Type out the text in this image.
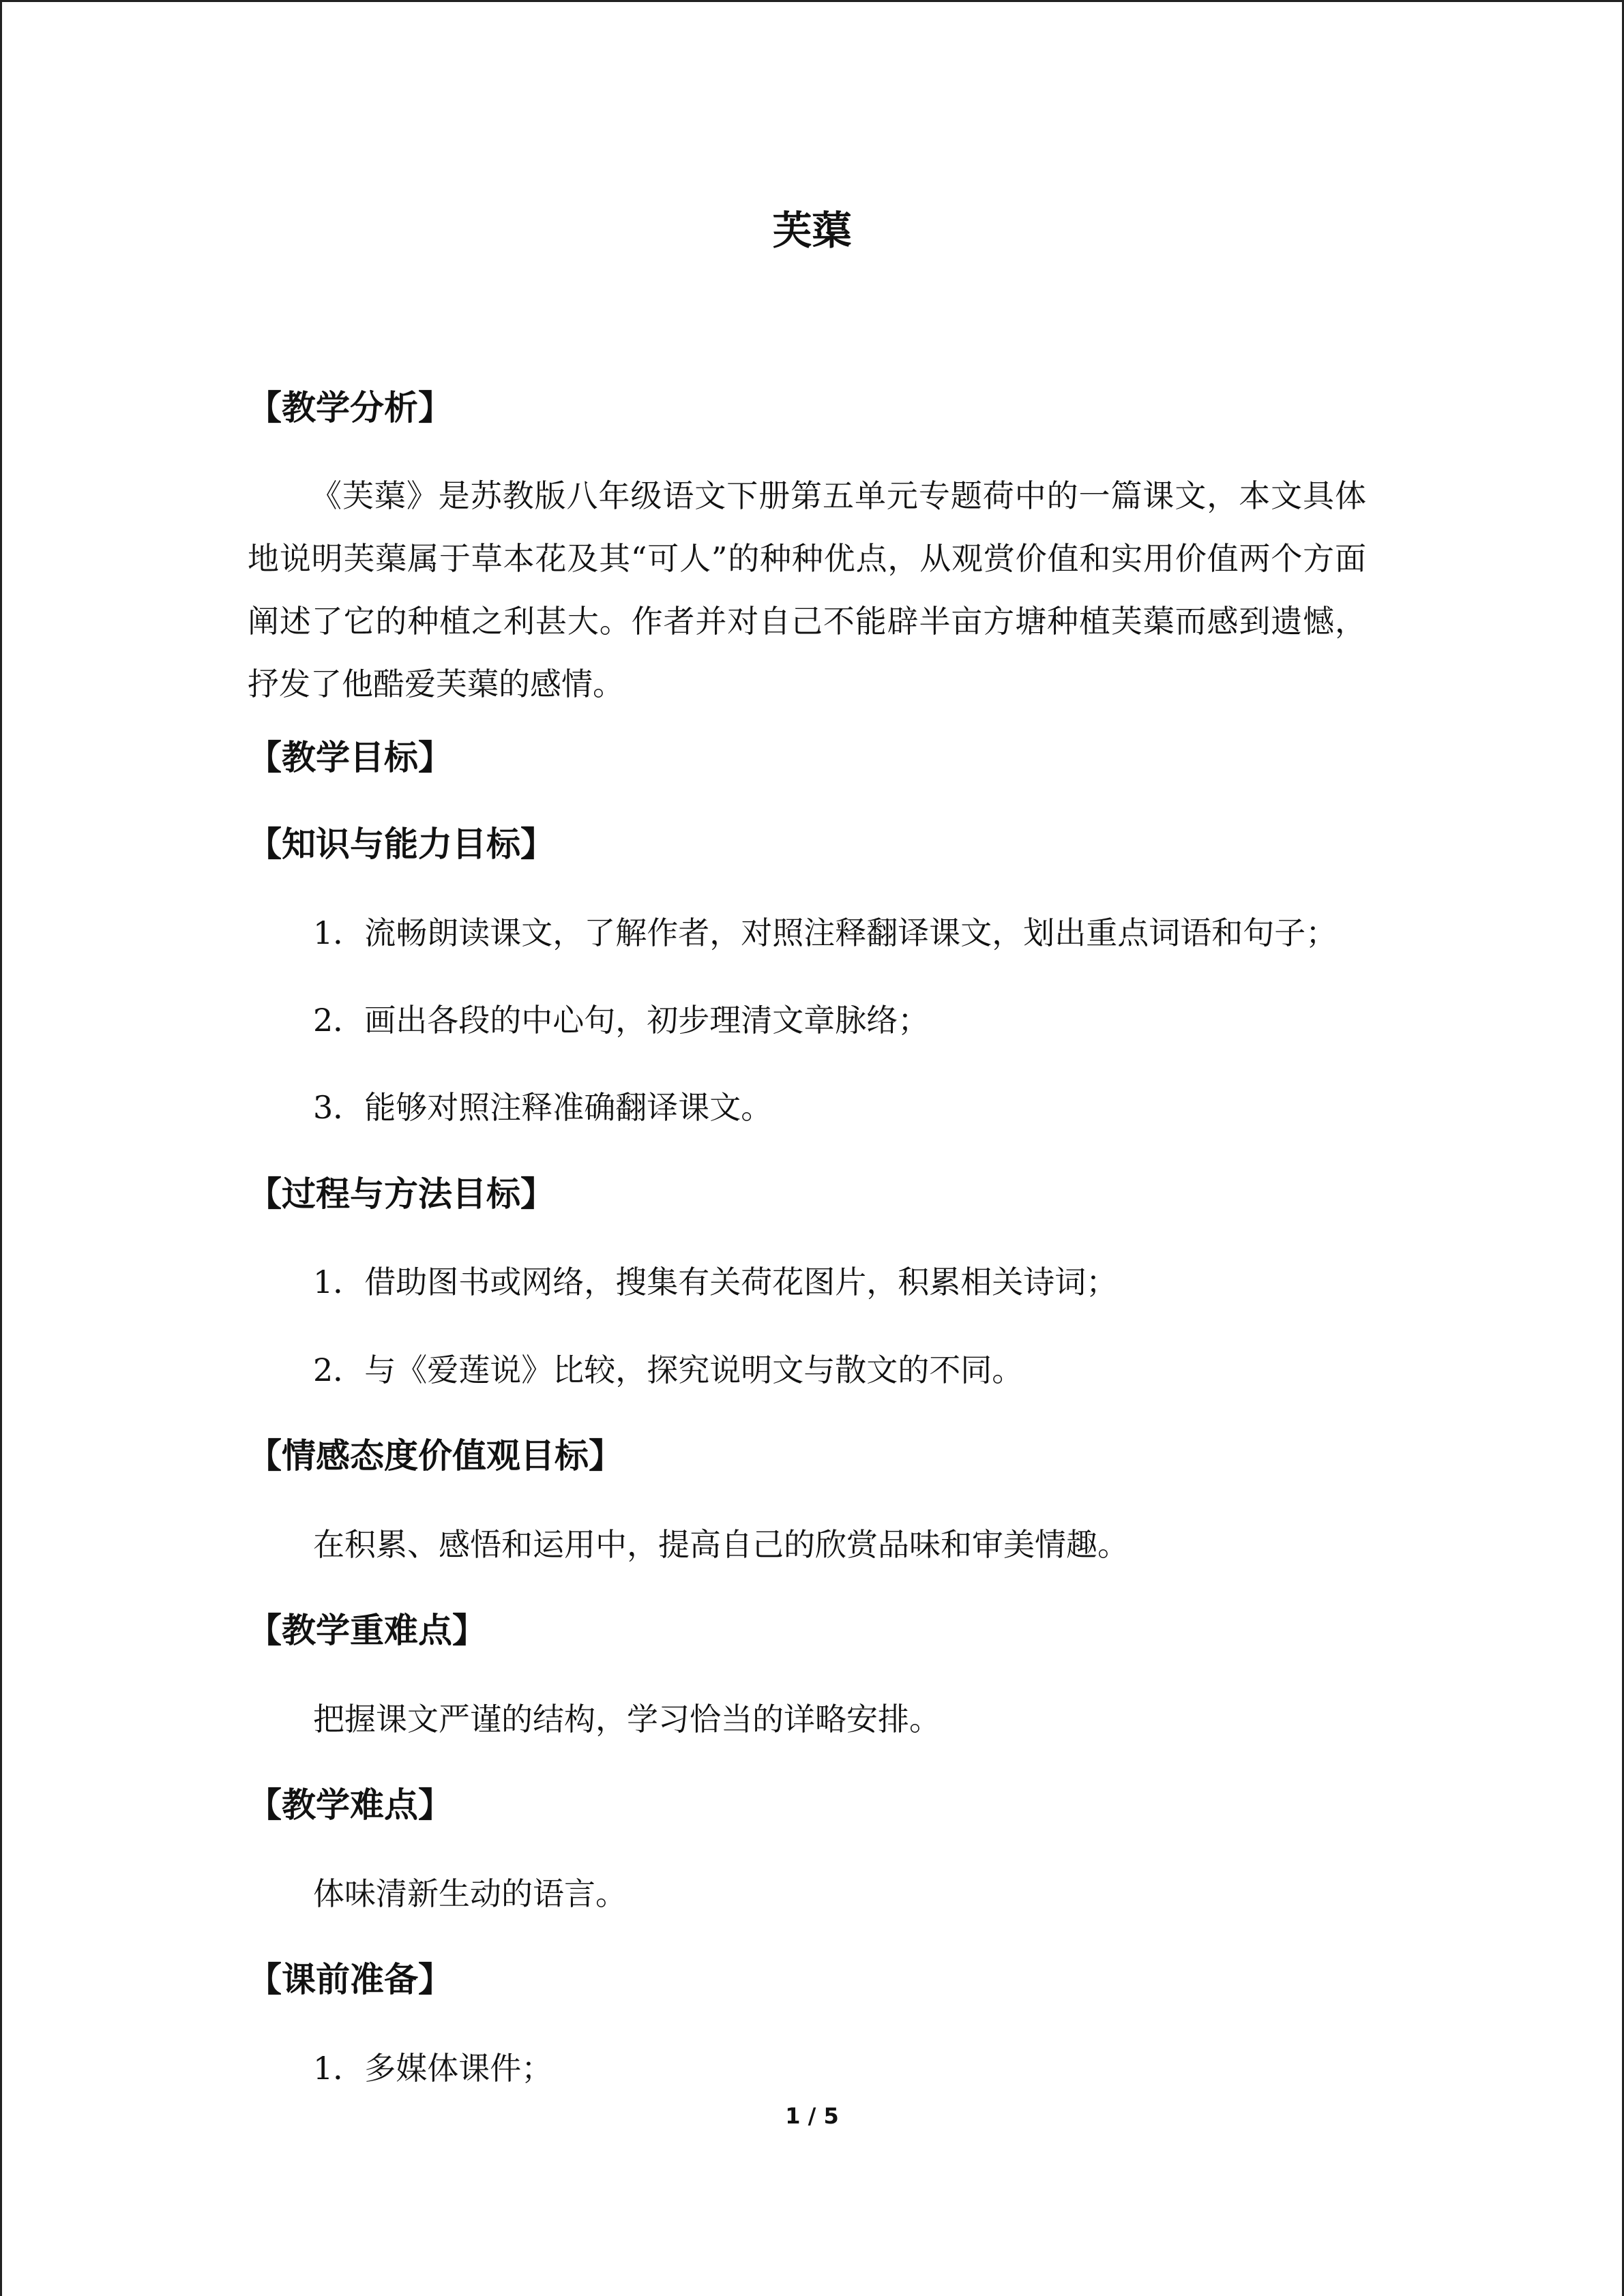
芙蕖
【教学分析】
《芙蕖》是苏教版八年级语文下册第五单元专题荷中的一篇课文，本文具体地说明芙蕖属于草本花及其“可人”的种种优点，从观赏价值和实用价值两个方面阐述了它的种植之利甚大。作者并对自己不能辟半亩方塘种植芙蕖而感到遗憾，抒发了他酷爱芙蕖的感情。
【教学目标】
【知识与能力目标】
1．流畅朗读课文，了解作者，对照注释翻译课文，划出重点词语和句子；
2．画出各段的中心句，初步理清文章脉络；
3．能够对照注释准确翻译课文。
【过程与方法目标】
1．借助图书或网络，搜集有关荷花图片，积累相关诗词；
2．与《爱莲说》比较，探究说明文与散文的不同。
【情感态度价值观目标】
在积累、感悟和运用中，提高自己的欣赏品味和审美情趣。
【教学重难点】
把握课文严谨的结构，学习恰当的详略安排。
【教学难点】
体味清新生动的语言。
【课前准备】
1．多媒体课件；
1 / 5
